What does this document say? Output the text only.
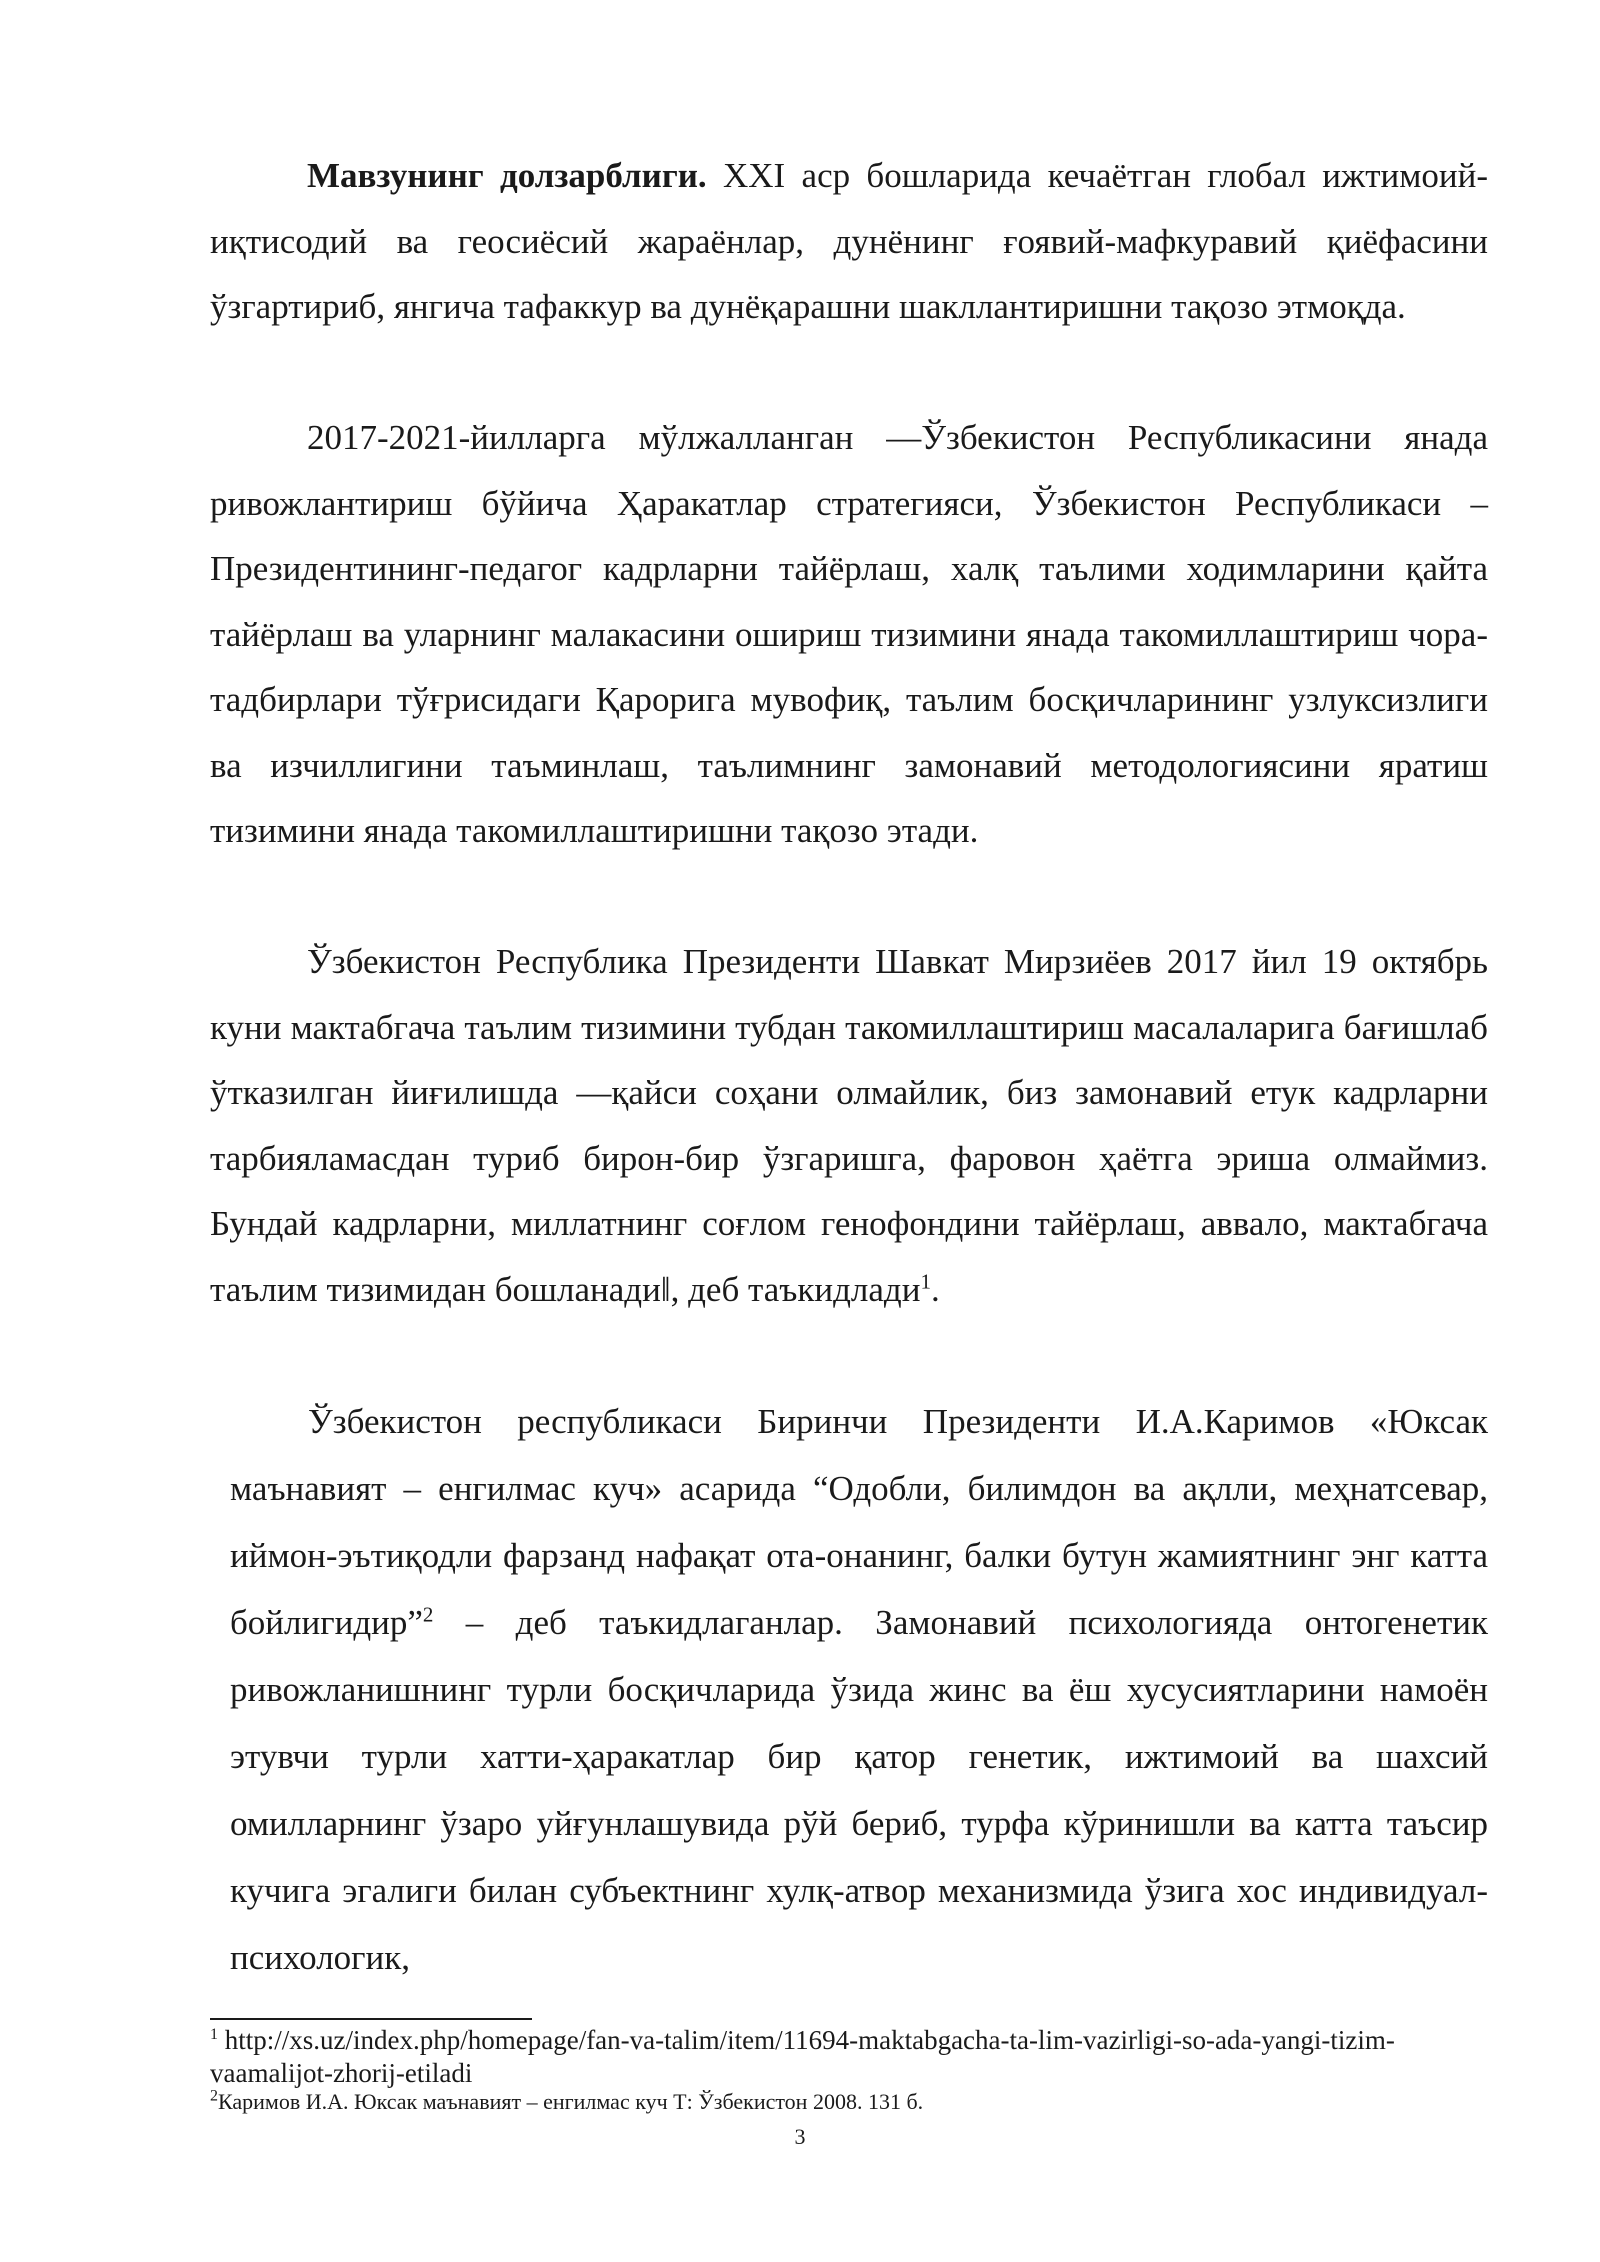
Мавзунинг долзарблиги. XXI аср бошларида кечаётган глобал ижтимоий-иқтисодий ва геосиёсий жараёнлар, дунёнинг ғоявий-мафкуравий қиёфасини ўзгартириб, янгича тафаккур ва дунёқарашни шакллантиришни тақозо этмоқда.

2017-2021-йилларга мўлжалланган ―Ўзбекистон Республикасини янада ривожлантириш бўйича Ҳаракатлар стратегияси, Ўзбекистон Республикаси – Президентининг-педагог кадрларни тайёрлаш, халқ таълими ходимларини қайта тайёрлаш ва уларнинг малакасини ошириш тизимини янада такомиллаштириш чора-тадбирлари тўғрисидаги Қарорига мувофиқ, таълим босқичларининг узлуксизлиги ва изчиллигини таъминлаш, таълимнинг замонавий методологиясини яратиш тизимини янада такомиллаштиришни тақозо этади.

Ўзбекистон Республика Президенти Шавкат Мирзиёев 2017 йил 19 октябрь куни мактабгача таълим тизимини тубдан такомиллаштириш масалаларига бағишлаб ўтказилган йиғилишда ―қайси соҳани олмайлик, биз замонавий етук кадрларни тарбияламасдан туриб бирон-бир ўзгаришга, фаровон ҳаётга эриша олмаймиз. Бундай кадрларни, миллатнинг соғлом генофондини тайёрлаш, аввало, мактабгача таълим тизимидан бошланади‖, деб таъкидлади$^1$.

Ўзбекистон республикаси Биринчи Президенти И.А.Каримов «Юксак маънавият – енгилмас куч» асарида “Одобли, билимдон ва ақлли, меҳнатсевар, иймон-эътиқодли фарзанд нафақат ота-онанинг, балки бутун жамиятнинг энг катта бойлигидир”$^2$ – деб таъкидлаганлар. Замонавий психологияда онтогенетик ривожланишнинг турли босқичларида ўзида жинс ва ёш хусусиятларини намоён этувчи турли хатти-ҳаракатлар бир қатор генетик, ижтимоий ва шахсий омилларнинг ўзаро уйғунлашувида рўй бериб, турфа кўринишли ва катта таъсир кучига эгалиги билан субъектнинг хулқ-атвор механизмида ўзига хос индивидуал-психологик,

$^1$ http://xs.uz/index.php/homepage/fan-va-talim/item/11694-maktabgacha-ta-lim-vazirligi-so-ada-yangi-tizim-vaamalijot-zhorij-etiladi

$^2$Каримов И.А. Юксак маънавият – енгилмас куч Т: Ўзбекистон 2008. 131 б.

3
